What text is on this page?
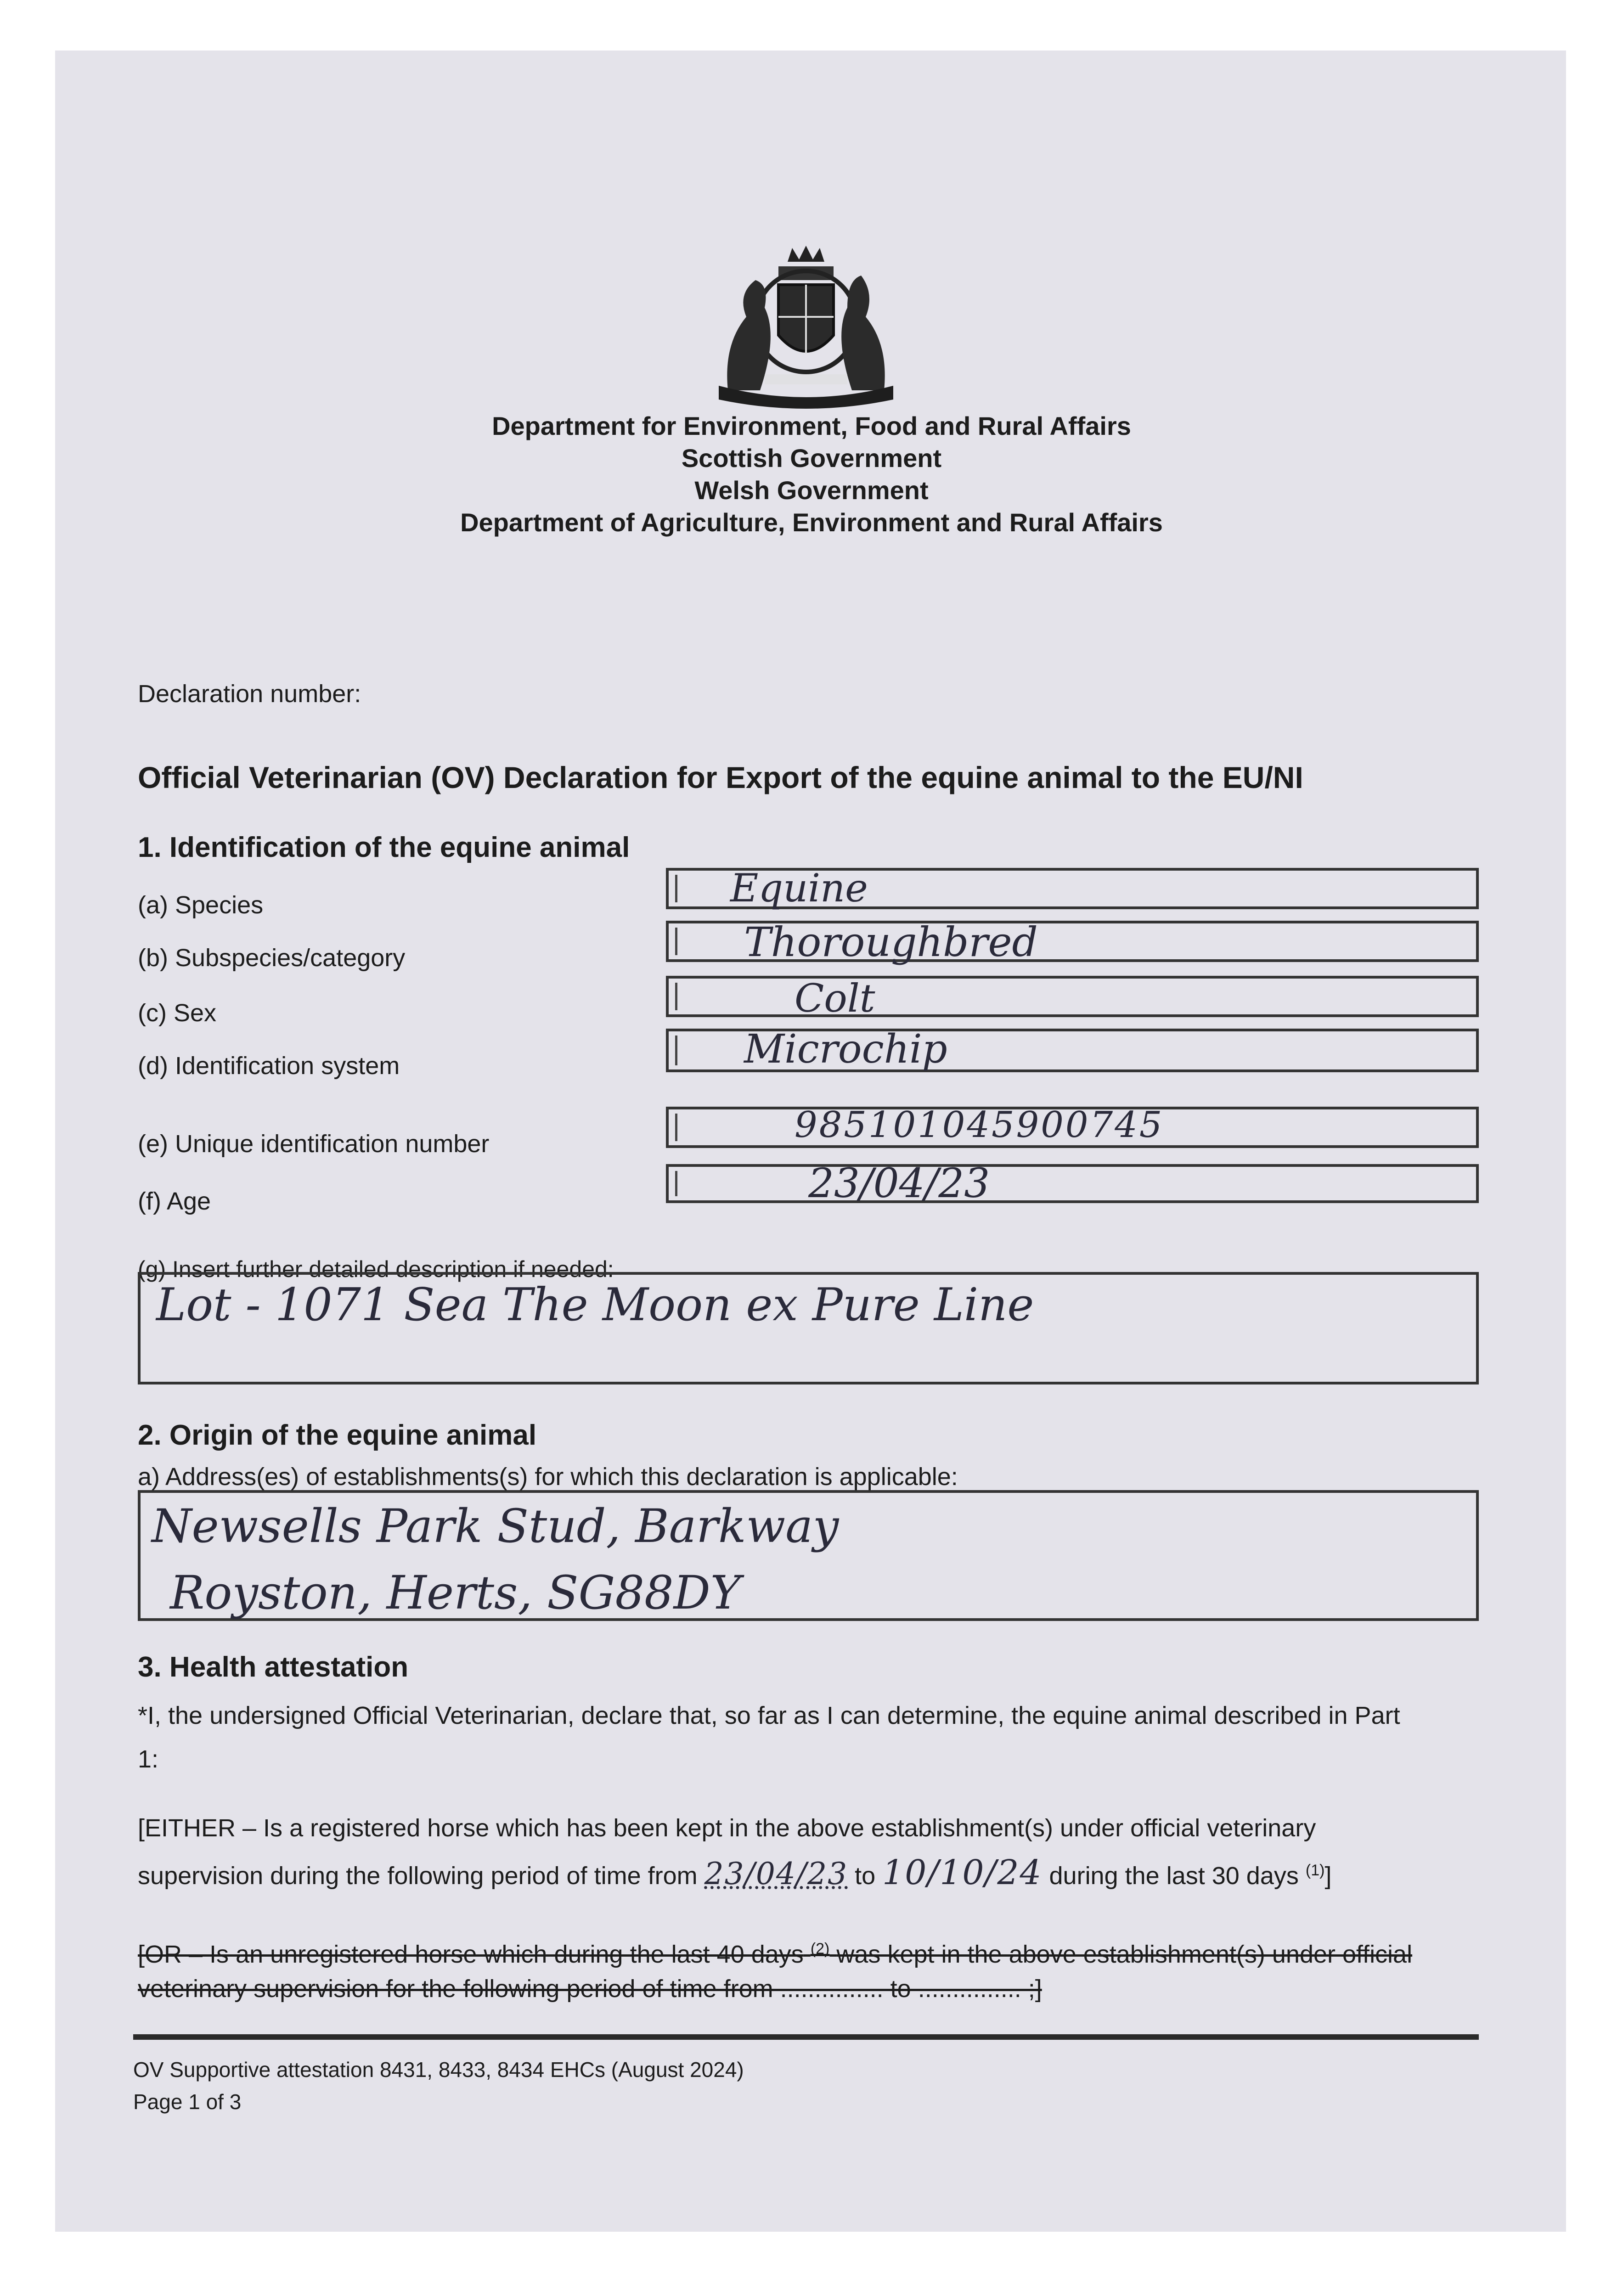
Department for Environment, Food and Rural Affairs
Scottish Government
Welsh Government
Department of Agriculture, Environment and Rural Affairs
Declaration number:
Official Veterinarian (OV) Declaration for Export of the equine animal to the EU/NI
1. Identification of the equine animal
(a) Species
(b) Subspecies/category
(c) Sex
(d) Identification system
(e) Unique identification number
(f) Age
Equine
Thoroughbred
Colt
Microchip
985101045900745
23/04/23
(g) Insert further detailed description if needed:
Lot - 1071 Sea The Moon ex Pure Line
2. Origin of the equine animal
a) Address(es) of establishments(s) for which this declaration is applicable:
Newsells Park Stud, Barkway
Royston, Herts, SG88DY
3. Health attestation
*I, the undersigned Official Veterinarian, declare that, so far as I can determine, the equine animal described in Part
1:
[EITHER – Is a registered horse which has been kept in the above establishment(s) under official veterinary
supervision during the following period of time from 23/04/23 to 10/10/24 during the last 30 days $^{(1)}$]
[OR – Is an unregistered horse which during the last 40 days $^{(2)}$ was kept in the above establishment(s) under official
veterinary supervision for the following period of time from ............... to ............... ;]
OV Supportive attestation 8431, 8433, 8434 EHCs (August 2024)
Page 1 of 3
